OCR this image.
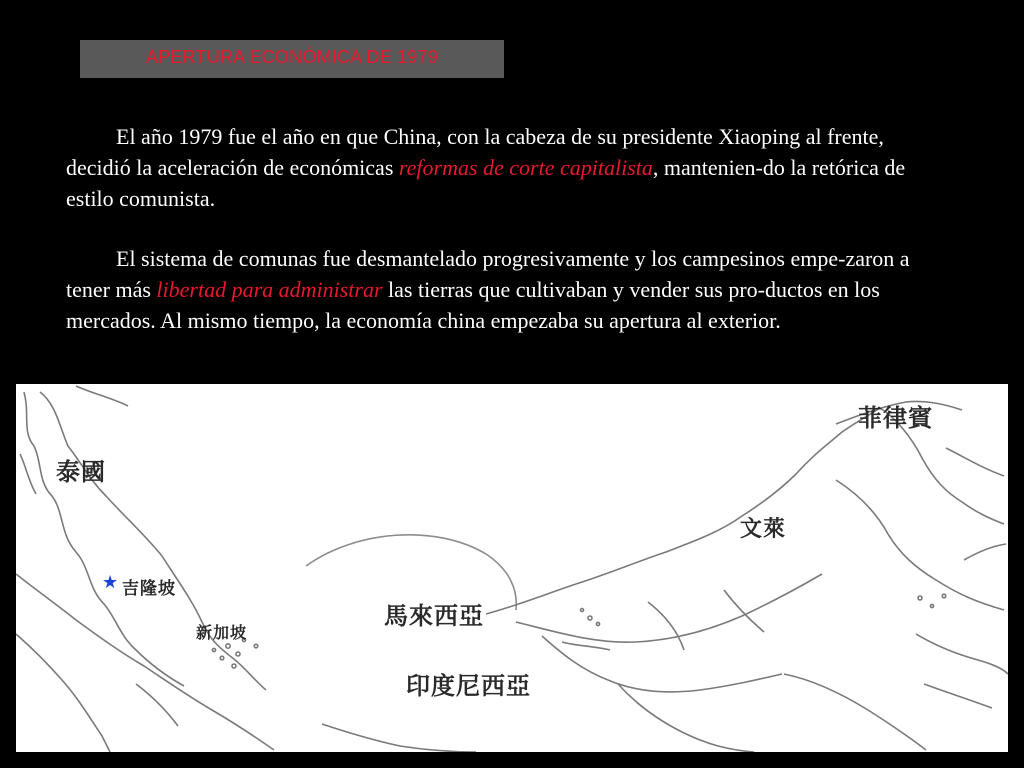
APERTURA ECONÓMICA DE 1979
El año 1979 fue el año en que China, con la cabeza de su presidente Xiaoping al frente, decidió la aceleración de económicas reformas de corte capitalista, mantenien-do la retórica de estilo comunista.
El sistema de comunas fue desmantelado progresivamente y los campesinos empe-zaron a tener más libertad para administrar las tierras que cultivaban y vender sus pro-ductos en los mercados. Al mismo tiempo, la economía china empezaba su apertura al exterior.
菲律賓
泰國
文萊
★ 吉隆坡
新加坡
馬來西亞
印度尼西亞
